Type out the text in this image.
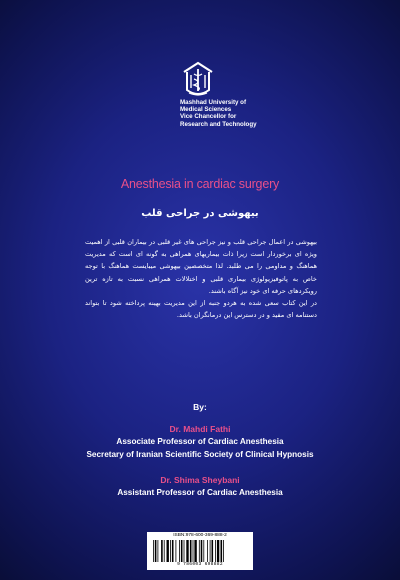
Mashhad University of
Medical Sciences
Vice Chancellor for
Research and Technology
Anesthesia in cardiac surgery
بیهوشی در جراحی قلب

بیهوشی در اعمال جراحی قلب و نیز جراحی های غیر قلبی در بیماران قلبی از اهمیت ویژه ای برخوردار است زیرا ذات بیماریهای همراهی به گونه ای است که مدیریت هماهنگ و مداومی را می طلبد. لذا متخصصین بیهوشی میبایست هماهنگ با توجه خاص به پاتوفیزیولوژی بیماری قلبی و اختلالات همراهی نسبت به تازه ترین رویکردهای حرفه ای خود نیز آگاه باشند.

در این کتاب سعی شده به هردو جنبه از این مدیریت بهینه پرداخته شود تا بتواند دستنامه ای مفید و در دسترس این درمانگران باشد.

By:
Dr. Mahdi Fathi
Associate Professor of Cardiac Anesthesia
Secretary of Iranian Scientific Society of Clinical Hypnosis
Dr. Shima Sheybani
Assistant Professor of Cardiac Anesthesia
ISBN:978-600-369-888-2
9 786003 698882
